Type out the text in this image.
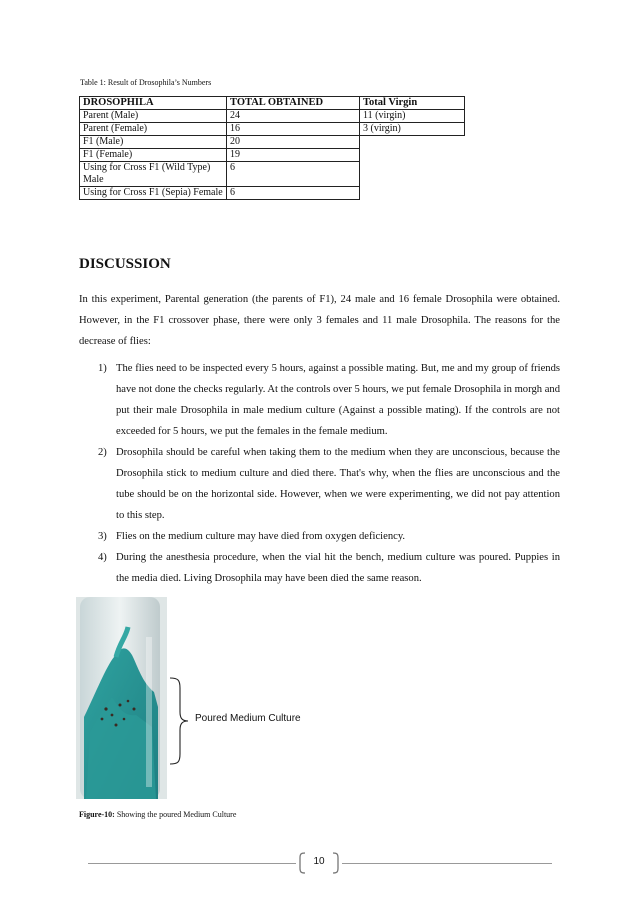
Table 1: Result of Drosophila’s Numbers
DROSOPHILA	TOTAL OBTAINED	Total Virgin
Parent (Male)	24	11 (virgin)
Parent (Female)	16	3 (virgin)
F1 (Male)	20	
F1 (Female)	19	
Using for Cross F1 (Wild Type) Male	6	
Using for Cross F1 (Sepia) Female	6	
DISCUSSION
In this experiment, Parental generation (the parents of F1), 24 male and 16 female Drosophila were obtained. However, in the F1 crossover phase, there were only 3 females and 11 male Drosophila. The reasons for the decrease of flies:
1) The flies need to be inspected every 5 hours, against a possible mating. But, me and my group of friends have not done the checks regularly. At the controls over 5 hours, we put female Drosophila in morgh and put their male Drosophila in male medium culture (Against a possible mating). If the controls are not exceeded for 5 hours, we put the females in the female medium.
2) Drosophila should be careful when taking them to the medium when they are unconscious, because the Drosophila stick to medium culture and died there. That's why, when the flies are unconscious and the tube should be on the horizontal side. However, when we were experimenting, we did not pay attention to this step.
3) Flies on the medium culture may have died from oxygen deficiency.
4) During the anesthesia procedure, when the vial hit the bench, medium culture was poured. Puppies in the media died. Living Drosophila may have been died the same reason.
Poured Medium Culture
Figure-10: Showing the poured Medium Culture
10
